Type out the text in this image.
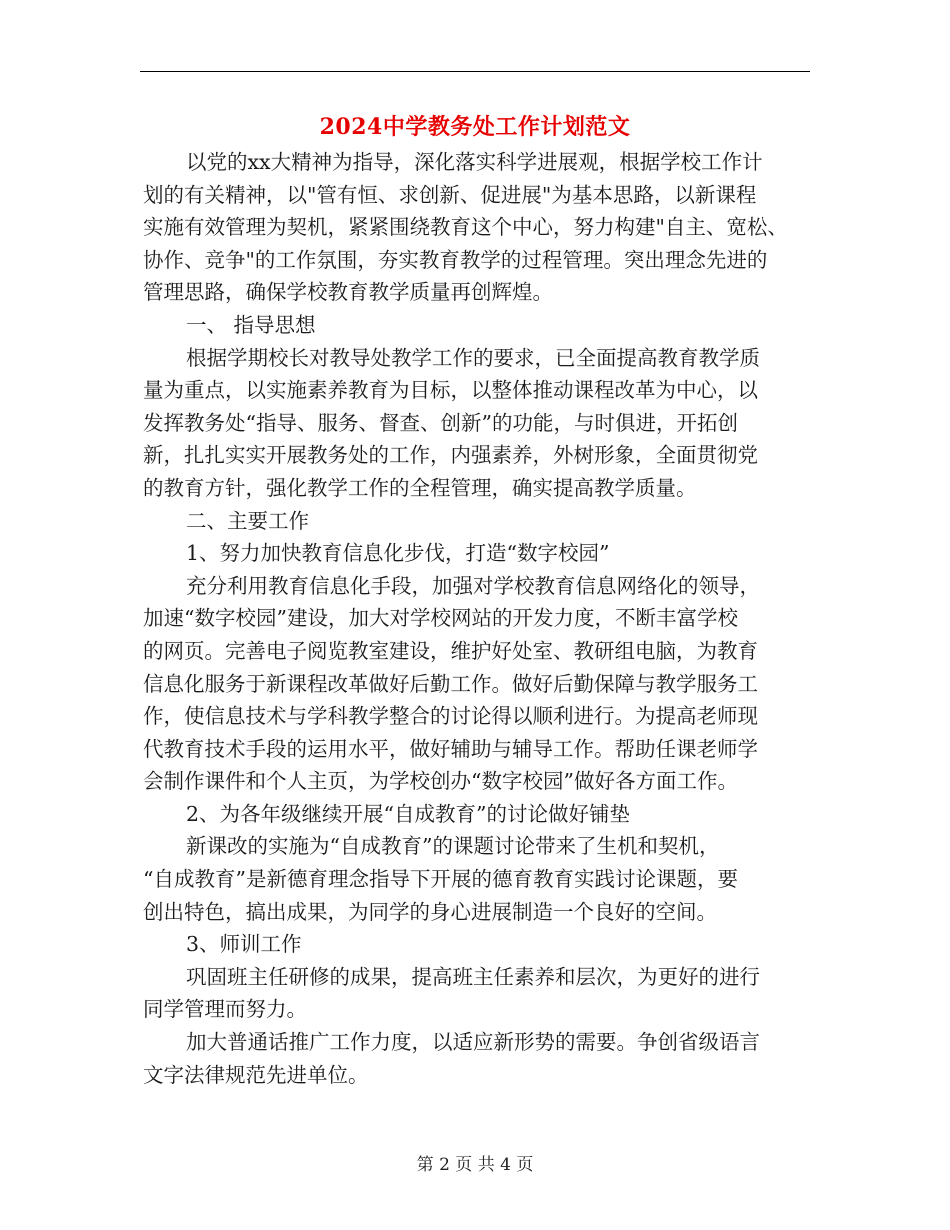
2024中学教务处工作计划范文
以党的xx大精神为指导，深化落实科学进展观，根据学校工作计
划的有关精神，以"管有恒、求创新、促进展"为基本思路，以新课程
实施有效管理为契机，紧紧围绕教育这个中心，努力构建"自主、宽松、
协作、竞争"的工作氛围，夯实教育教学的过程管理。突出理念先进的
管理思路，确保学校教育教学质量再创辉煌。
一、 指导思想
根据学期校长对教导处教学工作的要求，已全面提高教育教学质
量为重点，以实施素养教育为目标，以整体推动课程改革为中心，以
发挥教务处“指导、服务、督查、创新”的功能，与时俱进，开拓创
新，扎扎实实开展教务处的工作，内强素养，外树形象，全面贯彻党
的教育方针，强化教学工作的全程管理，确实提高教学质量。
二、主要工作
1、努力加快教育信息化步伐，打造“数字校园”
充分利用教育信息化手段，加强对学校教育信息网络化的领导，
加速“数字校园”建设，加大对学校网站的开发力度，不断丰富学校
的网页。完善电子阅览教室建设，维护好处室、教研组电脑，为教育
信息化服务于新课程改革做好后勤工作。做好后勤保障与教学服务工
作，使信息技术与学科教学整合的讨论得以顺利进行。为提高老师现
代教育技术手段的运用水平，做好辅助与辅导工作。帮助任课老师学
会制作课件和个人主页，为学校创办“数字校园”做好各方面工作。
2、为各年级继续开展“自成教育”的讨论做好铺垫
新课改的实施为“自成教育”的课题讨论带来了生机和契机，
“自成教育”是新德育理念指导下开展的德育教育实践讨论课题，要
创出特色，搞出成果，为同学的身心进展制造一个良好的空间。
3、师训工作
巩固班主任研修的成果，提高班主任素养和层次，为更好的进行
同学管理而努力。
加大普通话推广工作力度，以适应新形势的需要。争创省级语言
文字法律规范先进单位。
第 2 页 共 4 页
